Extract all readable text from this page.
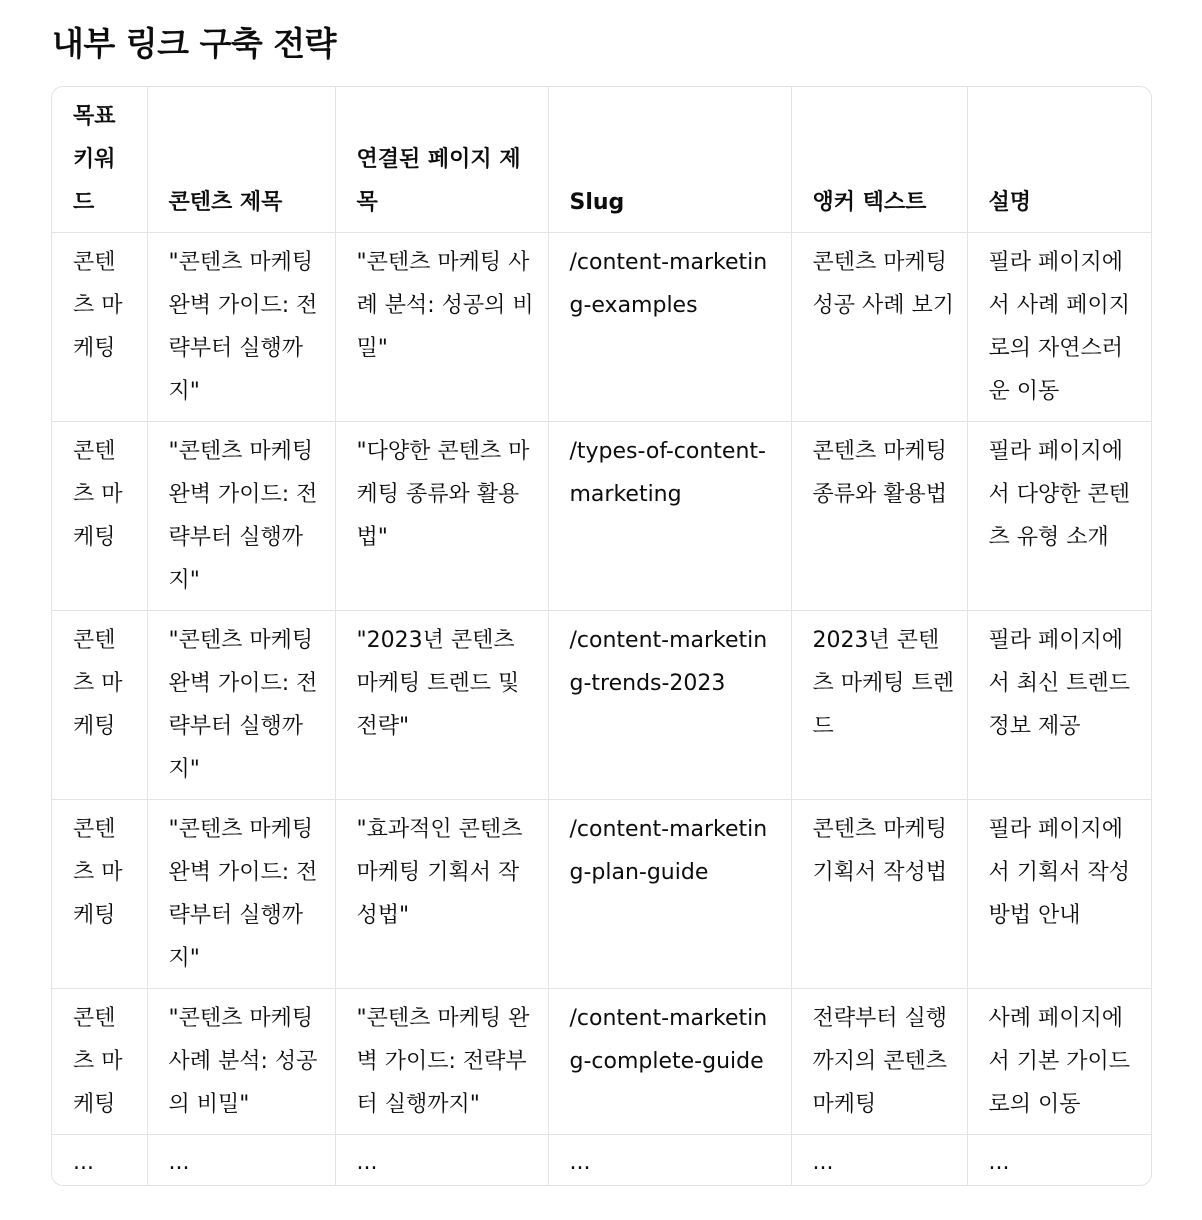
내부 링크 구축 전략
목표 키워드	콘텐츠 제목	연결된 페이지 제목	Slug	앵커 텍스트	설명
콘텐츠 마케팅	"콘텐츠 마케팅 완벽 가이드: 전략부터 실행까지"	"콘텐츠 마케팅 사례 분석: 성공의 비밀"	/content-marketing-examples	콘텐츠 마케팅 성공 사례 보기	필라 페이지에서 사례 페이지로의 자연스러운 이동
콘텐츠 마케팅	"콘텐츠 마케팅 완벽 가이드: 전략부터 실행까지"	"다양한 콘텐츠 마케팅 종류와 활용법"	/types-of-content-marketing	콘텐츠 마케팅 종류와 활용법	필라 페이지에서 다양한 콘텐츠 유형 소개
콘텐츠 마케팅	"콘텐츠 마케팅 완벽 가이드: 전략부터 실행까지"	"2023년 콘텐츠 마케팅 트렌드 및 전략"	/content-marketing-trends-2023	2023년 콘텐츠 마케팅 트렌드	필라 페이지에서 최신 트렌드 정보 제공
콘텐츠 마케팅	"콘텐츠 마케팅 완벽 가이드: 전략부터 실행까지"	"효과적인 콘텐츠 마케팅 기획서 작성법"	/content-marketing-plan-guide	콘텐츠 마케팅 기획서 작성법	필라 페이지에서 기획서 작성 방법 안내
콘텐츠 마케팅	"콘텐츠 마케팅 사례 분석: 성공의 비밀"	"콘텐츠 마케팅 완벽 가이드: 전략부터 실행까지"	/content-marketing-complete-guide	전략부터 실행까지의 콘텐츠 마케팅	사례 페이지에서 기본 가이드로의 이동
...	...	...	...	...	...
